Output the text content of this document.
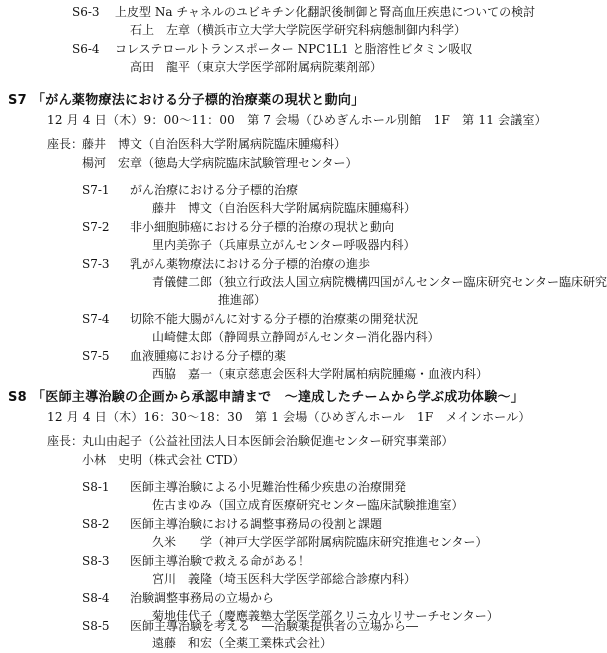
S6-3 上皮型 Na チャネルのユビキチン化翻訳後制御と腎高血圧疾患についての検討
石上　左章（横浜市立大学大学院医学研究科病態制御内科学）
S6-4 コレステロールトランスポーター NPC1L1 と脂溶性ビタミン吸収
高田　龍平（東京大学医学部附属病院薬剤部）
S7 「がん薬物療法における分子標的治療薬の現状と動向」
12 月 4 日（木）9：00～11：00　第 7 会場（ひめぎんホール別館　1F　第 11 会議室）
座長：
藤井　博文（自治医科大学附属病院臨床腫瘍科）
楊河　宏章（徳島大学病院臨床試験管理センター）
S7-1 がん治療における分子標的治療
藤井　博文（自治医科大学附属病院臨床腫瘍科）
S7-2 非小細胞肺癌における分子標的治療の現状と動向
里内美弥子（兵庫県立がんセンター呼吸器内科）
S7-3 乳がん薬物療法における分子標的治療の進歩
青儀健二郎（独立行政法人国立病院機構四国がんセンター臨床研究センター臨床研究
推進部）
S7-4 切除不能大腸がんに対する分子標的治療薬の開発状況
山崎健太郎（静岡県立静岡がんセンター消化器内科）
S7-5 血液腫瘍における分子標的薬
西脇　嘉一（東京慈恵会医科大学附属柏病院腫瘍・血液内科）
S8 「医師主導治験の企画から承認申請まで　～達成したチームから学ぶ成功体験～」
12 月 4 日（木）16：30～18：30　第 1 会場（ひめぎんホール　1F　メインホール）
座長：
丸山由起子（公益社団法人日本医師会治験促進センター研究事業部）
小林　史明（株式会社 CTD）
S8-1 医師主導治験による小児難治性稀少疾患の治療開発
佐古まゆみ（国立成育医療研究センター臨床試験推進室）
S8-2 医師主導治験における調整事務局の役割と課題
久米　　学（神戸大学医学部附属病院臨床研究推進センター）
S8-3 医師主導治験で救える命がある！
宮川　義隆（埼玉医科大学医学部総合診療内科）
S8-4 治験調整事務局の立場から
菊地佳代子（慶應義塾大学医学部クリニカルリサーチセンター）
S8-5 医師主導治験を考える　―治験薬提供者の立場から―
遠藤　和宏（全薬工業株式会社）
